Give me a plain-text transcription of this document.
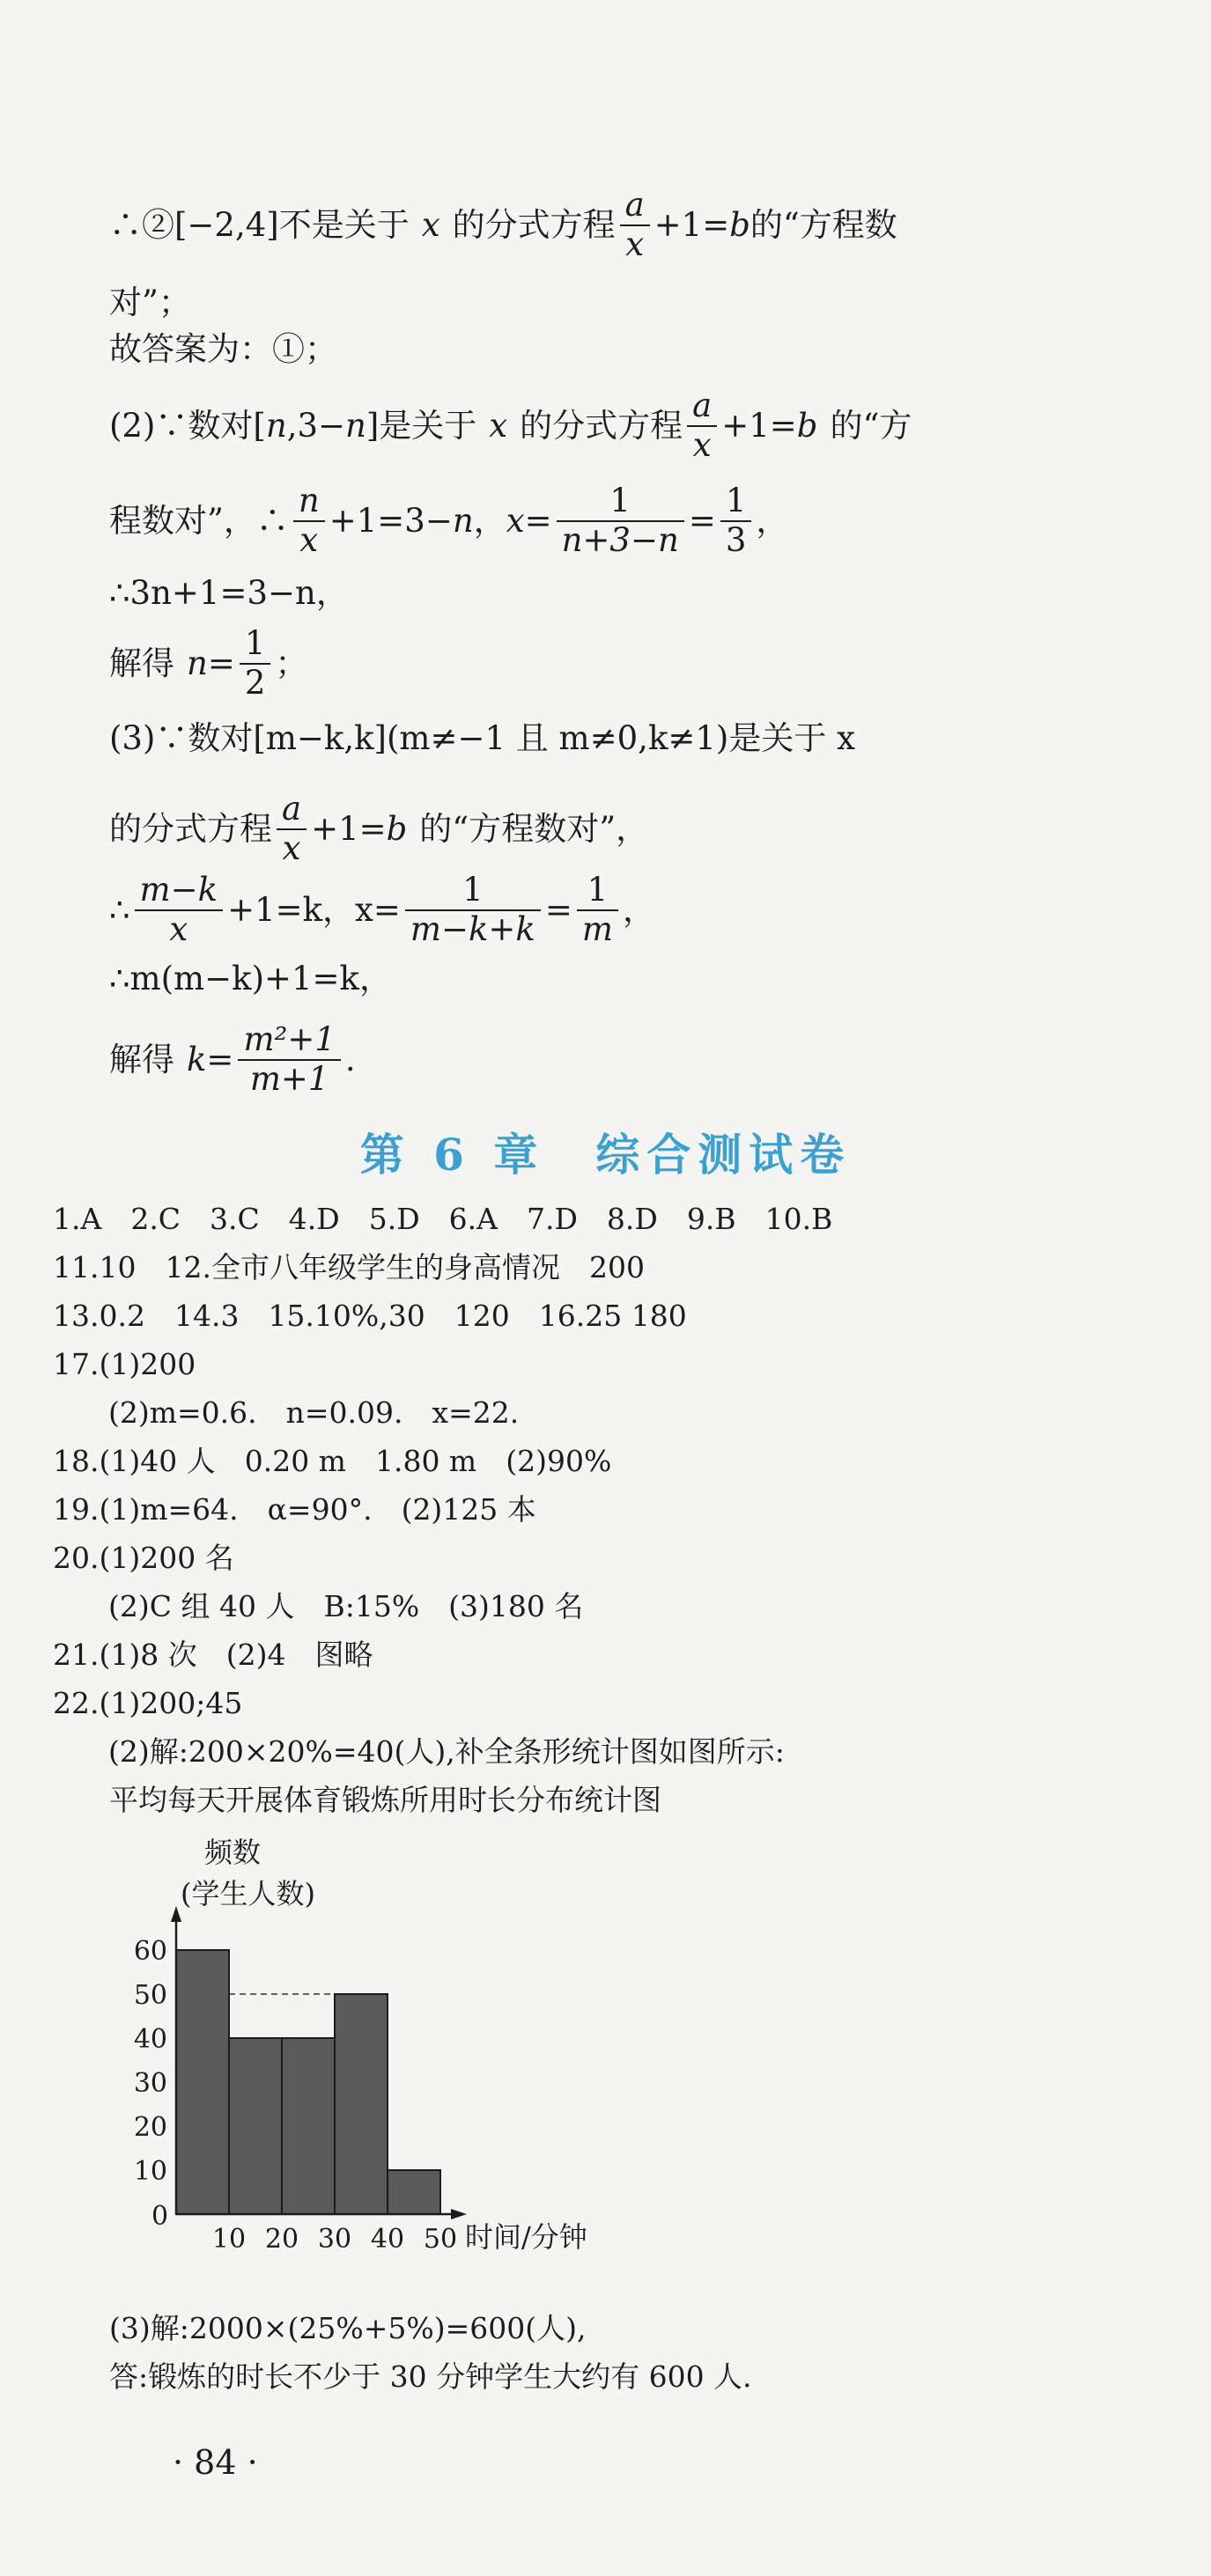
∴②[−2,4]不是关于 x 的分式方程 $\frac{a}{x} +1= b$ 的“方程数
对”；
故答案为：①；
(2)∵数对[ n ,3− n ]是关于 x 的分式方程 $\frac{a}{x} +1= b$ 的“方
程数对”，∴ $\frac{n}{x} +1=3- n$ ， $x = \frac{1}{n+3-n} = \frac{1}{3}$ ，
∴3n+1=3−n，
解得 $n = \frac{1}{2}$ ；
(3)∵数对[m−k,k](m≠−1 且 m≠0,k≠1)是关于 x
的分式方程 $\frac{a}{x} +1= b$ 的“方程数对”，
∴ $\frac{m-k}{x} +1=k$，$x= \frac{1}{m-k+k} = \frac{1}{m}$ ，
∴m(m−k)+1=k，
解得 $k = \frac{\text{m²+1}}{m+1}$ .
第 6 章　综合测试卷
1.A　2.C　3.C　4.D　5.D　6.A　7.D　8.D　9.B　10.B
11.10　12.全市八年级学生的身高情况　200
13.0.2　14.3　15.10%,30　120　16.25 180
17.(1)200
　(2)m=0.6.　n=0.09.　x=22.
18.(1)40 人　0.20 m　1.80 m　(2)90%
19.(1)m=64.　α=90°.　(2)125 本
20.(1)200 名
　(2)C 组 40 人　B:15%　(3)180 名
21.(1)8 次　(2)4　图略
22.(1)200;45
　(2)解:200×20%=40(人),补全条形统计图如图所示:
平均每天开展体育锻炼所用时长分布统计图
频数
(学生人数)
时间/分钟
0
10
20
30
40
50
60
10 20 30 40 50
(3)解:2000×(25%+5%)=600(人),
答:锻炼的时长不少于 30 分钟学生大约有 600 人.
· 84 ·
